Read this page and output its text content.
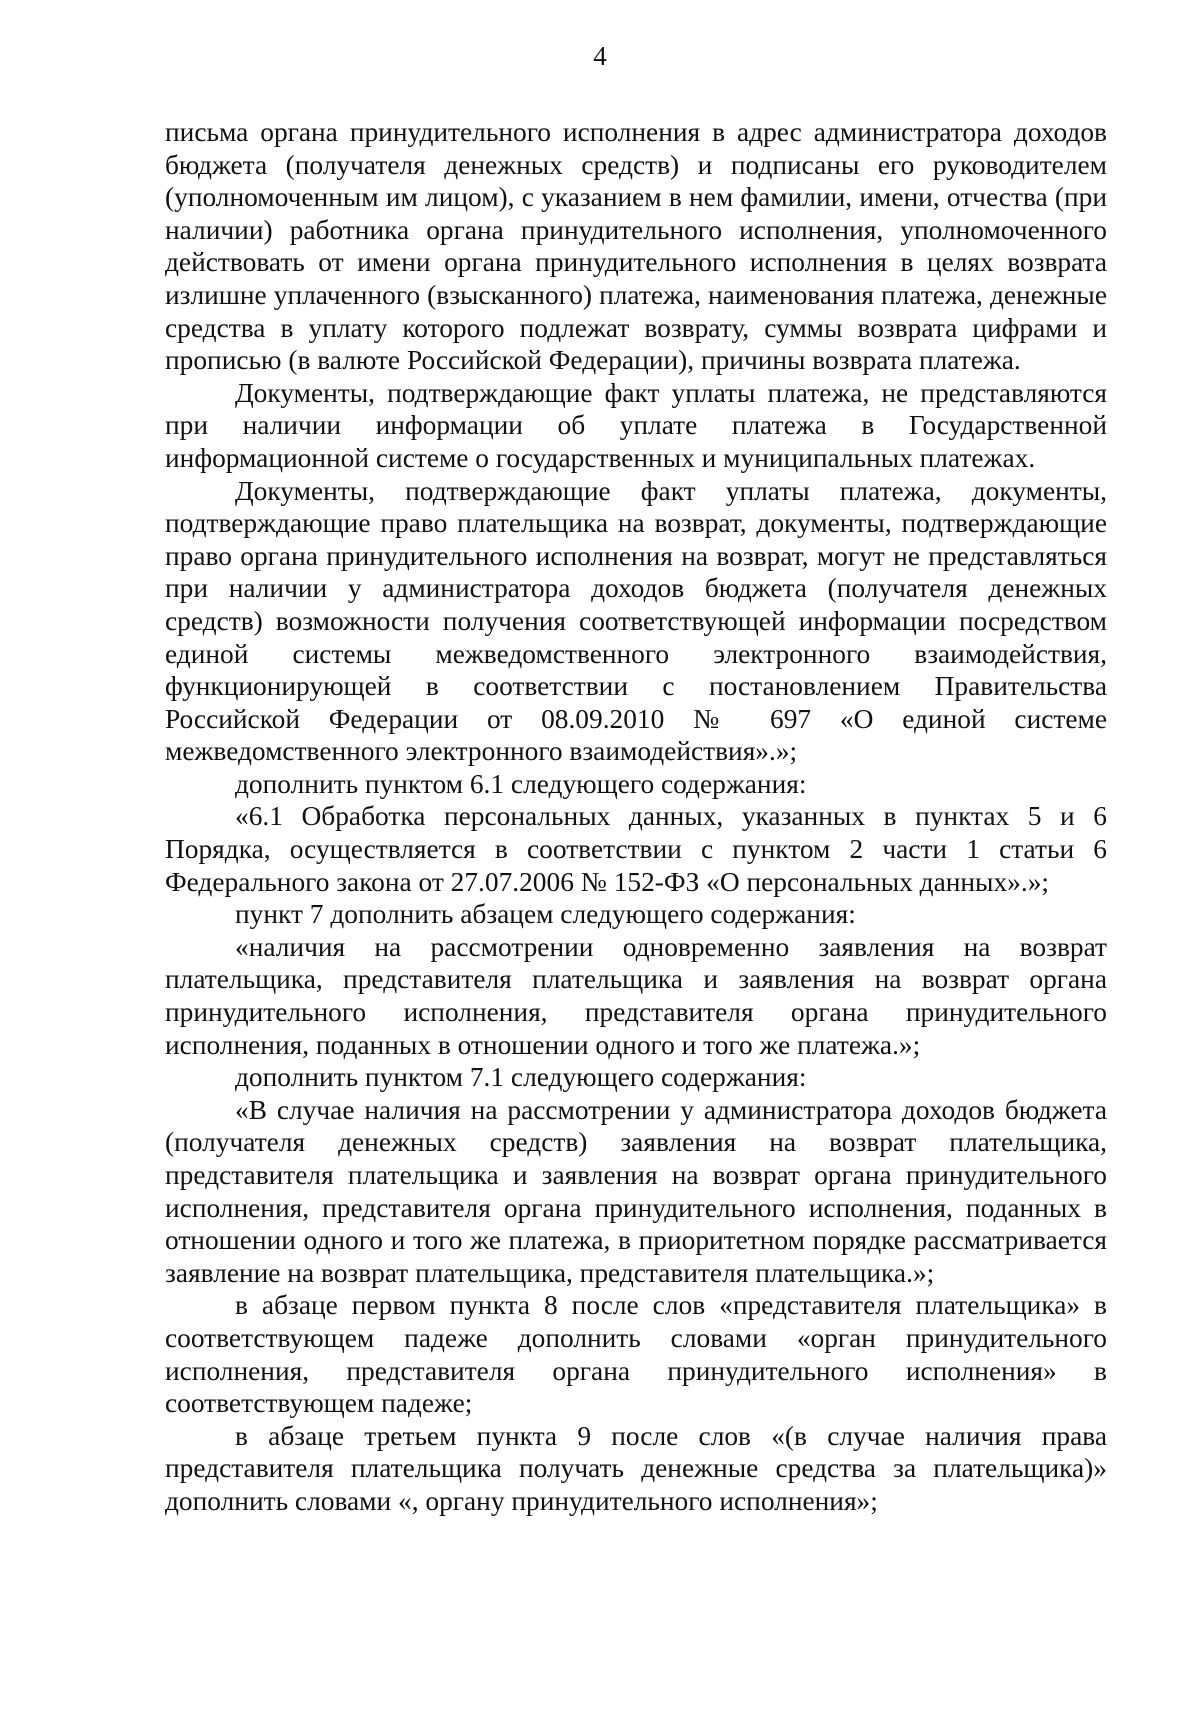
4

письма органа принудительного исполнения в адрес администратора доходов бюджета (получателя денежных средств) и подписаны его руководителем (уполномоченным им лицом), с указанием в нем фамилии, имени, отчества (при наличии) работника органа принудительного исполнения, уполномоченного действовать от имени органа принудительного исполнения в целях возврата излишне уплаченного (взысканного) платежа, наименования платежа, денежные средства в уплату которого подлежат возврату, суммы возврата цифрами и прописью (в валюте Российской Федерации), причины возврата платежа.

Документы, подтверждающие факт уплаты платежа, не представляются при наличии информации об уплате платежа в Государственной информационной системе о государственных и муниципальных платежах.

Документы, подтверждающие факт уплаты платежа, документы, подтверждающие право плательщика на возврат, документы, подтверждающие право органа принудительного исполнения на возврат, могут не представляться при наличии у администратора доходов бюджета (получателя денежных средств) возможности получения соответствующей информации посредством единой системы межведомственного электронного взаимодействия, функционирующей в соответствии с постановлением Правительства Российской Федерации от 08.09.2010 № 697 «О единой системе межведомственного электронного взаимодействия».»;

дополнить пунктом 6.1 следующего содержания:

«6.1 Обработка персональных данных, указанных в пунктах 5 и 6 Порядка, осуществляется в соответствии с пунктом 2 части 1 статьи 6 Федерального закона от 27.07.2006 № 152-ФЗ «О персональных данных».»;

пункт 7 дополнить абзацем следующего содержания:

«наличия на рассмотрении одновременно заявления на возврат плательщика, представителя плательщика и заявления на возврат органа принудительного исполнения, представителя органа принудительного исполнения, поданных в отношении одного и того же платежа.»;

дополнить пунктом 7.1 следующего содержания:

«В случае наличия на рассмотрении у администратора доходов бюджета (получателя денежных средств) заявления на возврат плательщика, представителя плательщика и заявления на возврат органа принудительного исполнения, представителя органа принудительного исполнения, поданных в отношении одного и того же платежа, в приоритетном порядке рассматривается заявление на возврат плательщика, представителя плательщика.»;

в абзаце первом пункта 8 после слов «представителя плательщика» в соответствующем падеже дополнить словами «орган принудительного исполнения, представителя органа принудительного исполнения» в соответствующем падеже;

в абзаце третьем пункта 9 после слов «(в случае наличия права представителя плательщика получать денежные средства за плательщика)» дополнить словами «, органу принудительного исполнения»;
